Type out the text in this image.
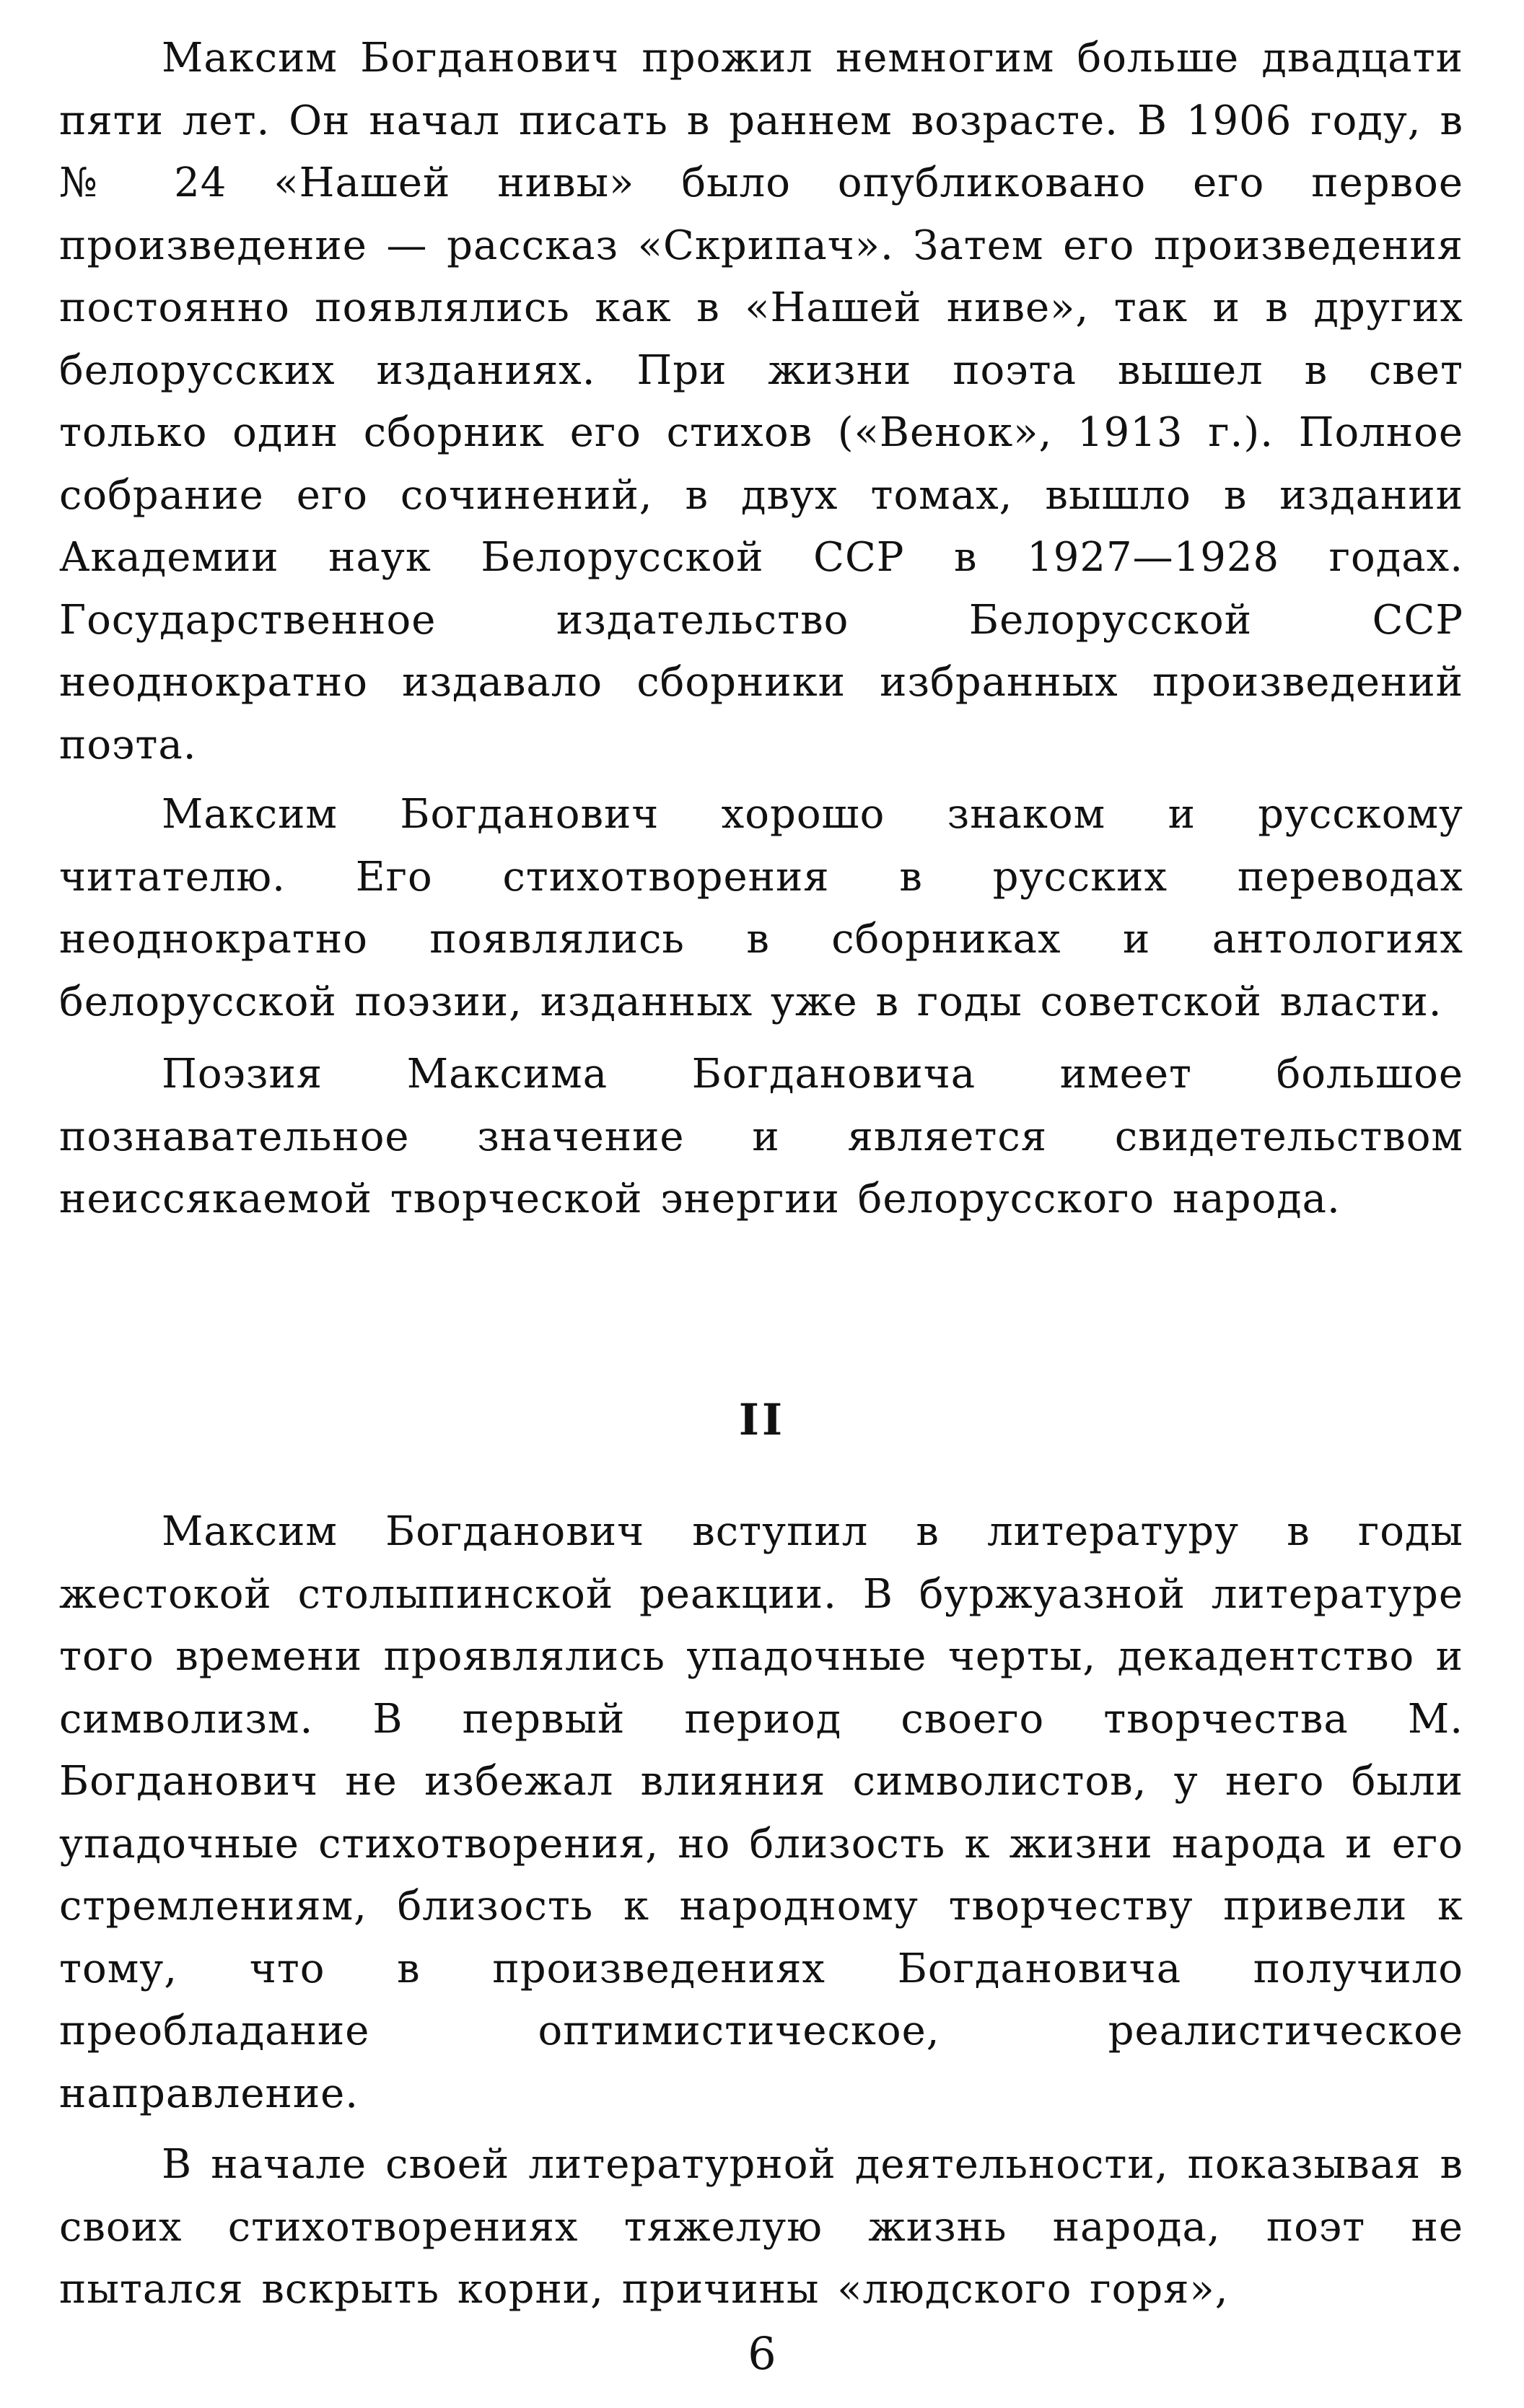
Максим Богданович прожил немногим больше двадцати пяти лет. Он начал писать в раннем возрасте. В 1906 году, в № 24 «Нашей нивы» было опубликовано его первое произведение — рассказ «Скрипач». Затем его произведения постоянно появлялись как в «Нашей ниве», так и в других белорусских изданиях. При жизни поэта вышел в свет только один сборник его стихов («Венок», 1913 г.). Полное собрание его сочинений, в двух томах, вышло в издании Академии наук Белорусской ССР в 1927—1928 годах. Государственное издательство Белорусской ССР неоднократно издавало сборники избранных произведений поэта.

Максим Богданович хорошо знаком и русскому читателю. Его стихотворения в русских переводах неоднократно появлялись в сборниках и антологиях белорусской поэзии, изданных уже в годы советской власти.

Поэзия Максима Богдановича имеет большое познавательное значение и является свидетельством неиссякаемой творческой энергии белорусского народа.

II

Максим Богданович вступил в литературу в годы жестокой столыпинской реакции. В буржуазной литературе того времени проявлялись упадочные черты, декадентство и символизм. В первый период своего творчества М. Богданович не избежал влияния символистов, у него были упадочные стихотворения, но близость к жизни народа и его стремлениям, близость к народному творчеству привели к тому, что в произведениях Богдановича получило преобладание оптимистическое, реалистическое направление.

В начале своей литературной деятельности, показывая в своих стихотворениях тяжелую жизнь народа, поэт не пытался вскрыть корни, причины «людского горя»,

6
